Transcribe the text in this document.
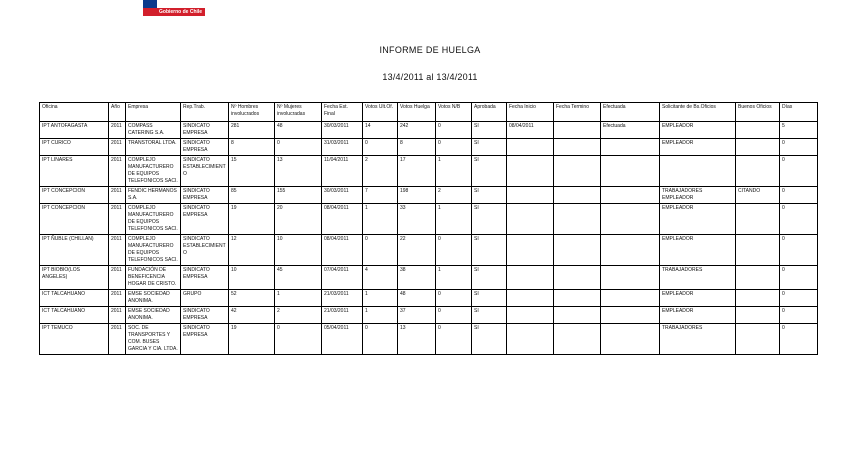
Gobierno de Chile
INFORME DE HUELGA
13/4/2011 al 13/4/2011
Oficina	Año	Empresa	Rep.Trab.	Nº Hombres involucrados	Nº Mujeres involucradas	Fecha Est. Final	Votos Ult.Of.	Votos Huelga	Votos N/B	Aprobada	Fecha Inicio	Fecha Termino	Efectuada	Solicitante de Bs.Oficios	Buenos Oficios	Días
IPT ANTOFAGASTA	2011	COMPASS CATERING S.A.	SINDICATO EMPRESA	281	48	30/03/2011	14	242	0	SI	08/04/2011		Efectuada	EMPLEADOR		5
IPT CURICO	2011	TRANSTORAL LTDA.	SINDICATO EMPRESA	8	0	31/03/2011	0	8	0	SI				EMPLEADOR		0
IPT LINARES	2011	COMPLEJO MANUFACTURERO DE EQUIPOS TELEFONICOS SACI.	SINDICATO ESTABLECIMIENTO	15	13	11/04/2011	2	17	1	SI						0
IPT CONCEPCION	2011	FENDIC HERMANOS S.A.	SINDICATO EMPRESA	85	155	30/03/2011	7	198	2	SI				TRABAJADORES EMPLEADOR	CITANDO	0
IPT CONCEPCION	2011	COMPLEJO MANUFACTURERO DE EQUIPOS TELEFONICOS SACI.	SINDICATO EMPRESA	19	20	08/04/2011	1	33	1	SI				EMPLEADOR		0
IPT ÑUBLE (CHILLAN)	2011	COMPLEJO MANUFACTURERO DE EQUIPOS TELEFONICOS SACI.	SINDICATO ESTABLECIMIENTO	12	10	08/04/2011	0	22	0	SI				EMPLEADOR		0
IPT BIOBIO(LOS ANGELES)	2011	FUNDACIÓN DE BENEFICENCIA HOGAR DE CRISTO.	SINDICATO EMPRESA	10	45	07/04/2011	4	38	1	SI				TRABAJADORES		0
ICT TALCAHUANO	2011	EMSE SOCIEDAD ANONIMA.	GRUPO	52	1	21/03/2011	1	48	0	SI				EMPLEADOR		0
ICT TALCAHUANO	2011	EMSE SOCIEDAD ANONIMA.	SINDICATO EMPRESA	42	2	21/03/2011	1	37	0	SI				EMPLEADOR		0
IPT TEMUCO	2011	SOC. DE TRANSPORTES Y COM. BUSES GARCIA Y CIA. LTDA.	SINDICATO EMPRESA	19	0	05/04/2011	0	13	0	SI				TRABAJADORES		0
